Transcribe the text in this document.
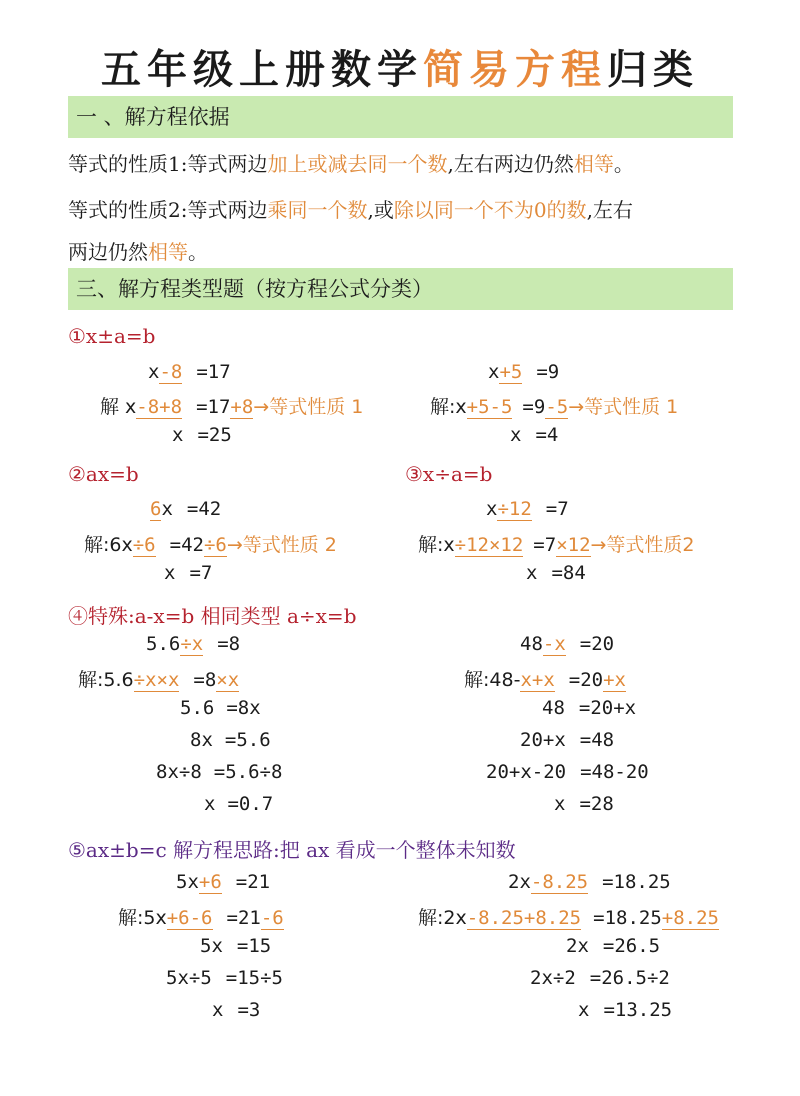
五年级上册数学简易方程归类
一 、解方程依据
等式的性质1:等式两边加上或减去同一个数,左右两边仍然相等。
等式的性质2:等式两边乘同一个数,或除以同一个不为0的数,左右
两边仍然相等。
三、解方程类型题（按方程公式分类）
①x±a=b
x-8 =17
解 x-8+8 =17+8→等式性质 1
x =25
x+5 =9
解:x+5-5 =9-5→等式性质 1
x =4
②ax=b	③x÷a=b
6x =42
解:6x÷6 =42÷6→等式性质 2
x =7
x÷12 =7
解:x÷12×12 =7×12→等式性质2
x =84
④特殊:a-x=b 相同类型 a÷x=b
5.6÷x =8
解:5.6÷x×x =8×x
5.6 =8x
8x =5.6
8x÷8 =5.6÷8
x =0.7
48-x =20
解:48-x+x =20+x
48 =20+x
20+x =48
20+x-20 =48-20
x =28
⑤ax±b=c 解方程思路:把 ax 看成一个整体未知数
5x+6 =21
解:5x+6-6 =21-6
5x =15
5x÷5 =15÷5
x =3
2x-8.25 =18.25
解:2x-8.25+8.25 =18.25+8.25
2x =26.5
2x÷2 =26.5÷2
x =13.25
